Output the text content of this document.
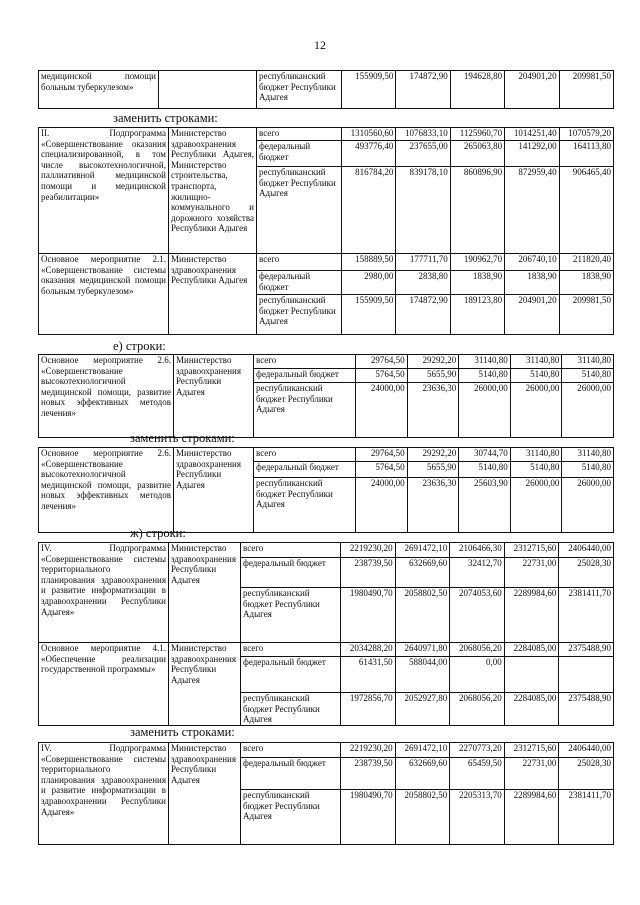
12
медицинской помощи больным туберкулезом»		республиканский бюджет Республики Адыгея	155909,50	174872,90	194628,80	204901,20	209981,50
заменить строками:
II. Подпрограмма «Совершенствование оказания специализированной, в том числе высокотехнологичной, паллиативной медицинской помощи и медицинской реабилитации»	Министерство здравоохранения Республики Адыгея, Министерство строительства, транспорта, жилищно-коммунального и дорожного хозяйства Республики Адыгея	всего	1310560,60	1076833,10	1125960,70	1014251,40	1070579,20
		федеральный бюджет	493776,40	237655,00	265063,80	141292,00	164113,80
		республиканский бюджет Республики Адыгея	816784,20	839178,10	860896,90	872959,40	906465,40
Основное мероприятие 2.1. «Совершенствование системы оказания медицинской помощи больным туберкулезом»	Министерство здравоохранения Республики Адыгея	всего	158889,50	177711,70	190962,70	206740,10	211820,40
		федеральный бюджет	2980,00	2838,80	1838,90	1838,90	1838,90
		республиканский бюджет Республики Адыгея	155909,50	174872,90	189123,80	204901,20	209981,50
е) строки:
Основное мероприятие 2.6. «Совершенствование высокотехнологичной медицинской помощи, развитие новых эффективных методов лечения»	Министерство здравоохранения Республики Адыгея	всего	29764,50	29292,20	31140,80	31140,80	31140,80
		федеральный бюджет	5764,50	5655,90	5140,80	5140,80	5140,80
		республиканский бюджет Республики Адыгея	24000,00	23636,30	26000,00	26000,00	26000,00
заменить строками:
Основное мероприятие 2.6. «Совершенствование высокотехнологичной медицинской помощи, развитие новых эффективных методов лечения»	Министерство здравоохранения Республики Адыгея	всего	29764,50	29292,20	30744,70	31140,80	31140,80
		федеральный бюджет	5764,50	5655,90	5140,80	5140,80	5140,80
		республиканский бюджет Республики Адыгея	24000,00	23636,30	25603,90	26000,00	26000,00
ж) строки:
IV. Подпрограмма «Совершенствование системы территориального планирования здравоохранения и развитие информатизации в здравоохранении Республики Адыгея»	Министерство здравоохранения Республики Адыгея	всего	2219230,20	2691472,10	2106466,30	2312715,60	2406440,00
		федеральный бюджет	238739,50	632669,60	32412,70	22731,00	25028,30
		республиканский бюджет Республики Адыгея	1980490,70	2058802,50	2074053,60	2289984,60	2381411,70
Основное мероприятие 4.1. «Обеспечение реализации государственной программы»	Министерство здравоохранения Республики Адыгея	всего	2034288,20	2640971,80	2068056,20	2284085,00	2375488,90
		федеральный бюджет	61431,50	588044,00	0,00		
		республиканский бюджет Республики Адыгея	1972856,70	2052927,80	2068056,20	2284085,00	2375488,90
заменить строками:
IV. Подпрограмма «Совершенствование системы территориального планирования здравоохранения и развитие информатизации в здравоохранении Республики Адыгея»	Министерство здравоохранения Республики Адыгея	всего	2219230,20	2691472,10	2270773,20	2312715,60	2406440,00
		федеральный бюджет	238739,50	632669,60	65459,50	22731,00	25028,30
		республиканский бюджет Республики Адыгея	1980490,70	2058802,50	2205313,70	2289984,60	2381411,70
